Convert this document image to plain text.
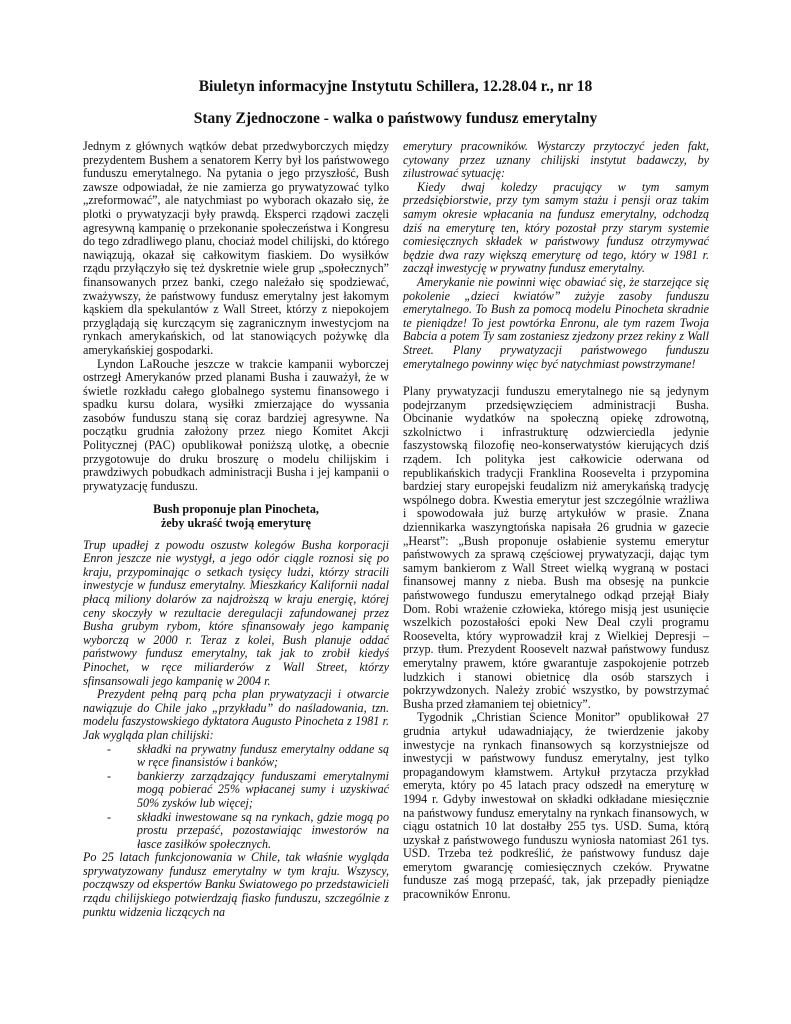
Biuletyn informacyjne Instytutu Schillera, 12.28.04 r., nr 18
Stany Zjednoczone - walka o państwowy fundusz emerytalny

Jednym z głównych wątków debat przedwyborczych między prezydentem Bushem a senatorem Kerry był los państwowego funduszu emerytalnego. Na pytania o jego przyszłość, Bush zawsze odpowiadał, że nie zamierza go prywatyzować tylko „zreformować”, ale natychmiast po wyborach okazało się, że plotki o prywatyzacji były prawdą. Eksperci rządowi zaczęli agresywną kampanię o przekonanie społeczeństwa i Kongresu do tego zdradliwego planu, chociaż model chilijski, do którego nawiązują, okazał się całkowitym fiaskiem. Do wysiłków rządu przyłączyło się też dyskretnie wiele grup „społecznych” finansowanych przez banki, czego należało się spodziewać, zważywszy, że państwowy fundusz emerytalny jest łakomym kąskiem dla spekulantów z Wall Street, którzy z niepokojem przyglądają się kurczącym się zagranicznym inwestycjom na rynkach amerykańskich, od lat stanowiących pożywkę dla amerykańskiej gospodarki.

Lyndon LaRouche jeszcze w trakcie kampanii wyborczej ostrzegł Amerykanów przed planami Busha i zauważył, że w świetle rozkładu całego globalnego systemu finansowego i spadku kursu dolara, wysiłki zmierzające do wyssania zasobów funduszu staną się coraz bardziej agresywne. Na początku grudnia założony przez niego Komitet Akcji Politycznej (PAC) opublikował poniższą ulotkę, a obecnie przygotowuje do druku broszurę o modelu chilijskim i prawdziwych pobudkach administracji Busha i jej kampanii o prywatyzację funduszu.

Bush proponuje plan Pinocheta,
żeby ukraść twoją emeryturę

Trup upadłej z powodu oszustw kolegów Busha korporacji Enron jeszcze nie wystygł, a jego odór ciągle roznosi się po kraju, przypominając o setkach tysięcy ludzi, którzy stracili inwestycje w fundusz emerytalny. Mieszkańcy Kalifornii nadal płacą miliony dolarów za najdroższą w kraju energię, której ceny skoczyły w rezultacie deregulacji zafundowanej przez Busha grubym rybom, które sfinansowały jego kampanię wyborczą w 2000 r. Teraz z kolei, Bush planuje oddać państwowy fundusz emerytalny, tak jak to zrobił kiedyś Pinochet, w ręce miliarderów z Wall Street, którzy sfinsansowali jego kampanię w 2004 r.

Prezydent pełną parą pcha plan prywatyzacji i otwarcie nawiązuje do Chile jako „przykładu” do naśladowania, tzn. modelu faszystowskiego dyktatora Augusto Pinocheta z 1981 r. Jak wygląda plan chilijski:

- składki na prywatny fundusz emerytalny oddane są w ręce finansistów i banków;
- bankierzy zarządzający funduszami emerytalnymi mogą pobierać 25% wpłacanej sumy i uzyskiwać 50% zysków lub więcej;
- składki inwestowane są na rynkach, gdzie mogą po prostu przepaść, pozostawiając inwestorów na łasce zasiłków społecznych.

Po 25 latach funkcjonowania w Chile, tak właśnie wygląda sprywatyzowany fundusz emerytalny w tym kraju. Wszyscy, począwszy od ekspertów Banku Swiatowego po przedstawicieli rządu chilijskiego potwierdzają fiasko funduszu, szczególnie z punktu widzenia liczących na

emerytury pracowników. Wystarczy przytoczyć jeden fakt, cytowany przez uznany chilijski instytut badawczy, by zilustrować sytuację:

Kiedy dwaj koledzy pracujący w tym samym przedsiębiorstwie, przy tym samym stażu i pensji oraz takim samym okresie wpłacania na fundusz emerytalny, odchodzą dziś na emeryturę ten, który pozostał przy starym systemie comiesięcznych składek w państwowy fundusz otrzymywać będzie dwa razy większą emeryturę od tego, który w 1981 r. zaczął inwestycję w prywatny fundusz emerytalny.

Amerykanie nie powinni więc obawiać się, że starzejące się pokolenie „dzieci kwiatów” zużyje zasoby funduszu emerytalnego. To Bush za pomocą modelu Pinocheta skradnie te pieniądze! To jest powtórka Enronu, ale tym razem Twoja Babcia a potem Ty sam zostaniesz zjedzony przez rekiny z Wall Street. Plany prywatyzacji państwowego funduszu emerytalnego powinny więc być natychmiast powstrzymane!

Plany prywatyzacji funduszu emerytalnego nie są jedynym podejrzanym przedsięwzięciem administracji Busha. Obcinanie wydatków na społeczną opiekę zdrowotną, szkolnictwo i infrastrukturę odzwierciedla jedynie faszystowską filozofię neo-konserwatystów kierujących dziś rządem. Ich polityka jest całkowicie oderwana od republikańskich tradycji Franklina Roosevelta i przypomina bardziej stary europejski feudalizm niż amerykańską tradycję wspólnego dobra. Kwestia emerytur jest szczególnie wrażliwa i spowodowała już burzę artykułów w prasie. Znana dziennikarka waszyngtońska napisała 26 grudnia w gazecie „Hearst”: „Bush proponuje osłabienie systemu emerytur państwowych za sprawą częściowej prywatyzacji, dając tym samym bankierom z Wall Street wielką wygraną w postaci finansowej manny z nieba. Bush ma obsesję na punkcie państwowego funduszu emerytalnego odkąd przejął Biały Dom. Robi wrażenie człowieka, którego misją jest usunięcie wszelkich pozostałości epoki New Deal czyli programu Roosevelta, który wyprowadził kraj z Wielkiej Depresji – przyp. tłum. Prezydent Roosevelt nazwał państwowy fundusz emerytalny prawem, które gwarantuje zaspokojenie potrzeb ludzkich i stanowi obietnicę dla osób starszych i pokrzywdzonych. Należy zrobić wszystko, by powstrzymać Busha przed złamaniem tej obietnicy”.

Tygodnik „Christian Science Monitor” opublikował 27 grudnia artykuł udawadniający, że twierdzenie jakoby inwestycje na rynkach finansowych są korzystniejsze od inwestycji w państwowy fundusz emerytalny, jest tylko propagandowym kłamstwem. Artykuł przytacza przykład emeryta, który po 45 latach pracy odszedł na emeryturę w 1994 r. Gdyby inwestował on składki odkładane miesięcznie na państwowy fundusz emerytalny na rynkach finansowych, w ciągu ostatnich 10 lat dostałby 255 tys. USD. Suma, którą uzyskał z państwowego funduszu wyniosła natomiast 261 tys. USD. Trzeba też podkreślić, że państwowy fundusz daje emerytom gwarancję comiesięcznych czeków. Prywatne fundusze zaś mogą przepaść, tak, jak przepadły pieniądze pracowników Enronu.
